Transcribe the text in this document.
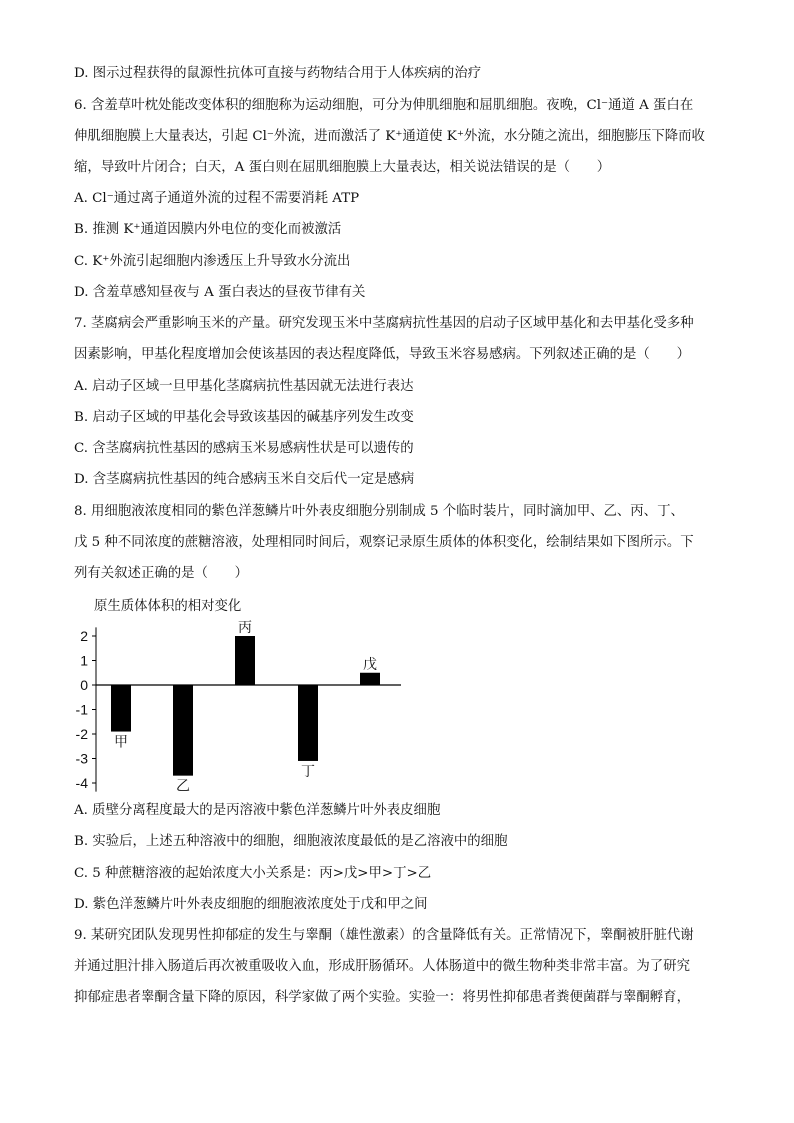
D. 图示过程获得的鼠源性抗体可直接与药物结合用于人体疾病的治疗
6. 含羞草叶枕处能改变体积的细胞称为运动细胞，可分为伸肌细胞和屈肌细胞。夜晚，Cl⁻通道 A 蛋白在
伸肌细胞膜上大量表达，引起 Cl⁻外流，进而激活了 K⁺通道使 K⁺外流，水分随之流出，细胞膨压下降而收
缩，导致叶片闭合；白天，A 蛋白则在屈肌细胞膜上大量表达，相关说法错误的是（　　）
A. Cl⁻通过离子通道外流的过程不需要消耗 ATP
B. 推测 K⁺通道因膜内外电位的变化而被激活
C. K⁺外流引起细胞内渗透压上升导致水分流出
D. 含羞草感知昼夜与 A 蛋白表达的昼夜节律有关
7. 茎腐病会严重影响玉米的产量。研究发现玉米中茎腐病抗性基因的启动子区域甲基化和去甲基化受多种
因素影响，甲基化程度增加会使该基因的表达程度降低，导致玉米容易感病。下列叙述正确的是（　　）
A. 启动子区域一旦甲基化茎腐病抗性基因就无法进行表达
B. 启动子区域的甲基化会导致该基因的碱基序列发生改变
C. 含茎腐病抗性基因的感病玉米易感病性状是可以遗传的
D. 含茎腐病抗性基因的纯合感病玉米自交后代一定是感病
8. 用细胞液浓度相同的紫色洋葱鳞片叶外表皮细胞分别制成 5 个临时装片，同时滴加甲、乙、丙、丁、
戊 5 种不同浓度的蔗糖溶液，处理相同时间后，观察记录原生质体的体积变化，绘制结果如下图所示。下
列有关叙述正确的是（　　）
A. 质壁分离程度最大的是丙溶液中紫色洋葱鳞片叶外表皮细胞
B. 实验后，上述五种溶液中的细胞，细胞液浓度最低的是乙溶液中的细胞
C. 5 种蔗糖溶液的起始浓度大小关系是：丙>戊>甲>丁>乙
D. 紫色洋葱鳞片叶外表皮细胞的细胞液浓度处于戊和甲之间
9. 某研究团队发现男性抑郁症的发生与睾酮（雄性激素）的含量降低有关。正常情况下，睾酮被肝脏代谢
并通过胆汁排入肠道后再次被重吸收入血，形成肝肠循环。人体肠道中的微生物种类非常丰富。为了研究
抑郁症患者睾酮含量下降的原因，科学家做了两个实验。实验一：将男性抑郁患者粪便菌群与睾酮孵育，
原生质体体积的相对变化
2
1
0
-1
-2
-3
-4
甲
乙
丙
丁
戊
